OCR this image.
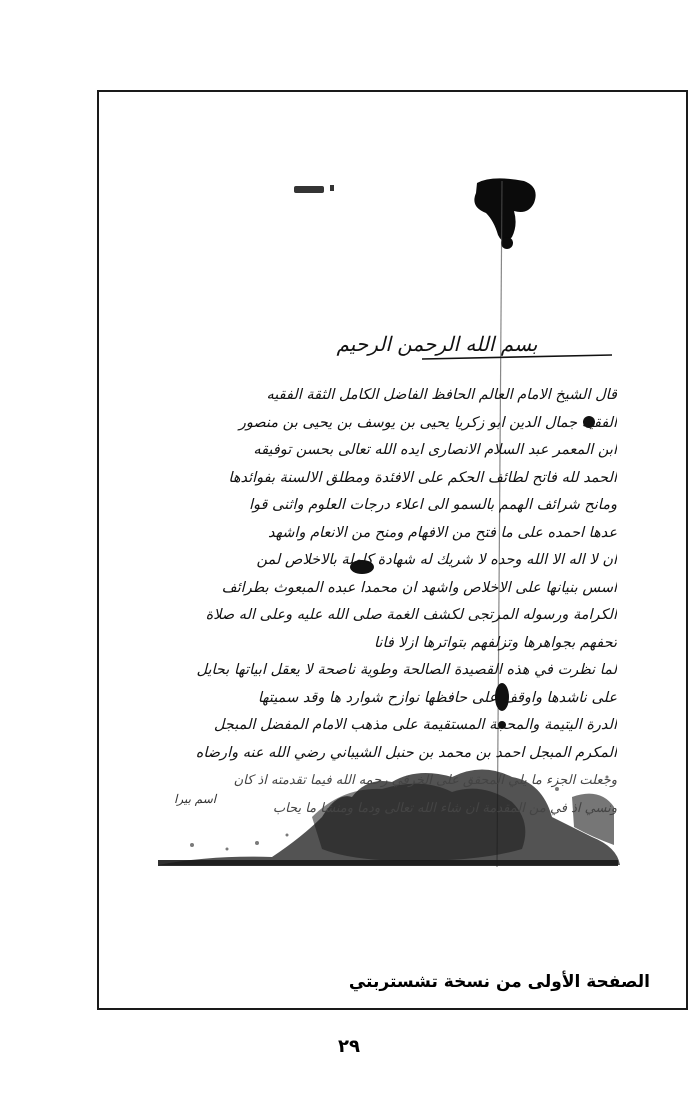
بسم الله الرحمن الرحيم
قال الشيخ الامام العالم الحافظ الفاضل الكامل الثقة الفقيه
الفقيه جمال الدين ابو زكريا يحيى بن يوسف بن يحيى بن منصور
ابن المعمر عبد السلام الانصارى ايده الله تعالى بحسن توفيقه
الحمد لله فاتح لطائف الحكم على الافئدة ومطلق الالسنة بفوائدها
ومانح شرائف الهمم بالسمو الى اعلاء درجات العلوم واثنى قوا
عدها احمده على ما فتح من الافهام ومنح من الانعام واشهد
ان لا اله الا الله وحده لا شريك له شهادة كاملة بالاخلاص لمن
اسس بنيانها على الاخلاص واشهد ان محمدا عبده المبعوث بطرائف
الكرامة ورسوله المرتجى لكشف الغمة صلى الله عليه وعلى اله صلاة
تحفهم بجواهرها وتزلفهم بتواترها ازلا فانا
لما نظرت في هذه القصيدة الصالحة وطوية ناصحة لا يعقل ابياتها بحايل
على ناشدها واوقف على حافظها نوازح شوارد ها وقد سميتها
الدرة اليتيمة والمحجة المستقيمة على مذهب الامام المفضل المبجل
المكرم المبجل احمد بن محمد بن حنبل الشيباني رضي الله عنه وارضاه
وجعلت الجزء ما يلي المحقق على الخرقي رحمه الله فيما تقدمته اذ كان
ونسي اذ في من المقدمة ان شاء الله تعالى ودما ومنشا ما يحاب
اسم بيرا
الصفحة الأولى من نسخة تشستربتي
٢٩
